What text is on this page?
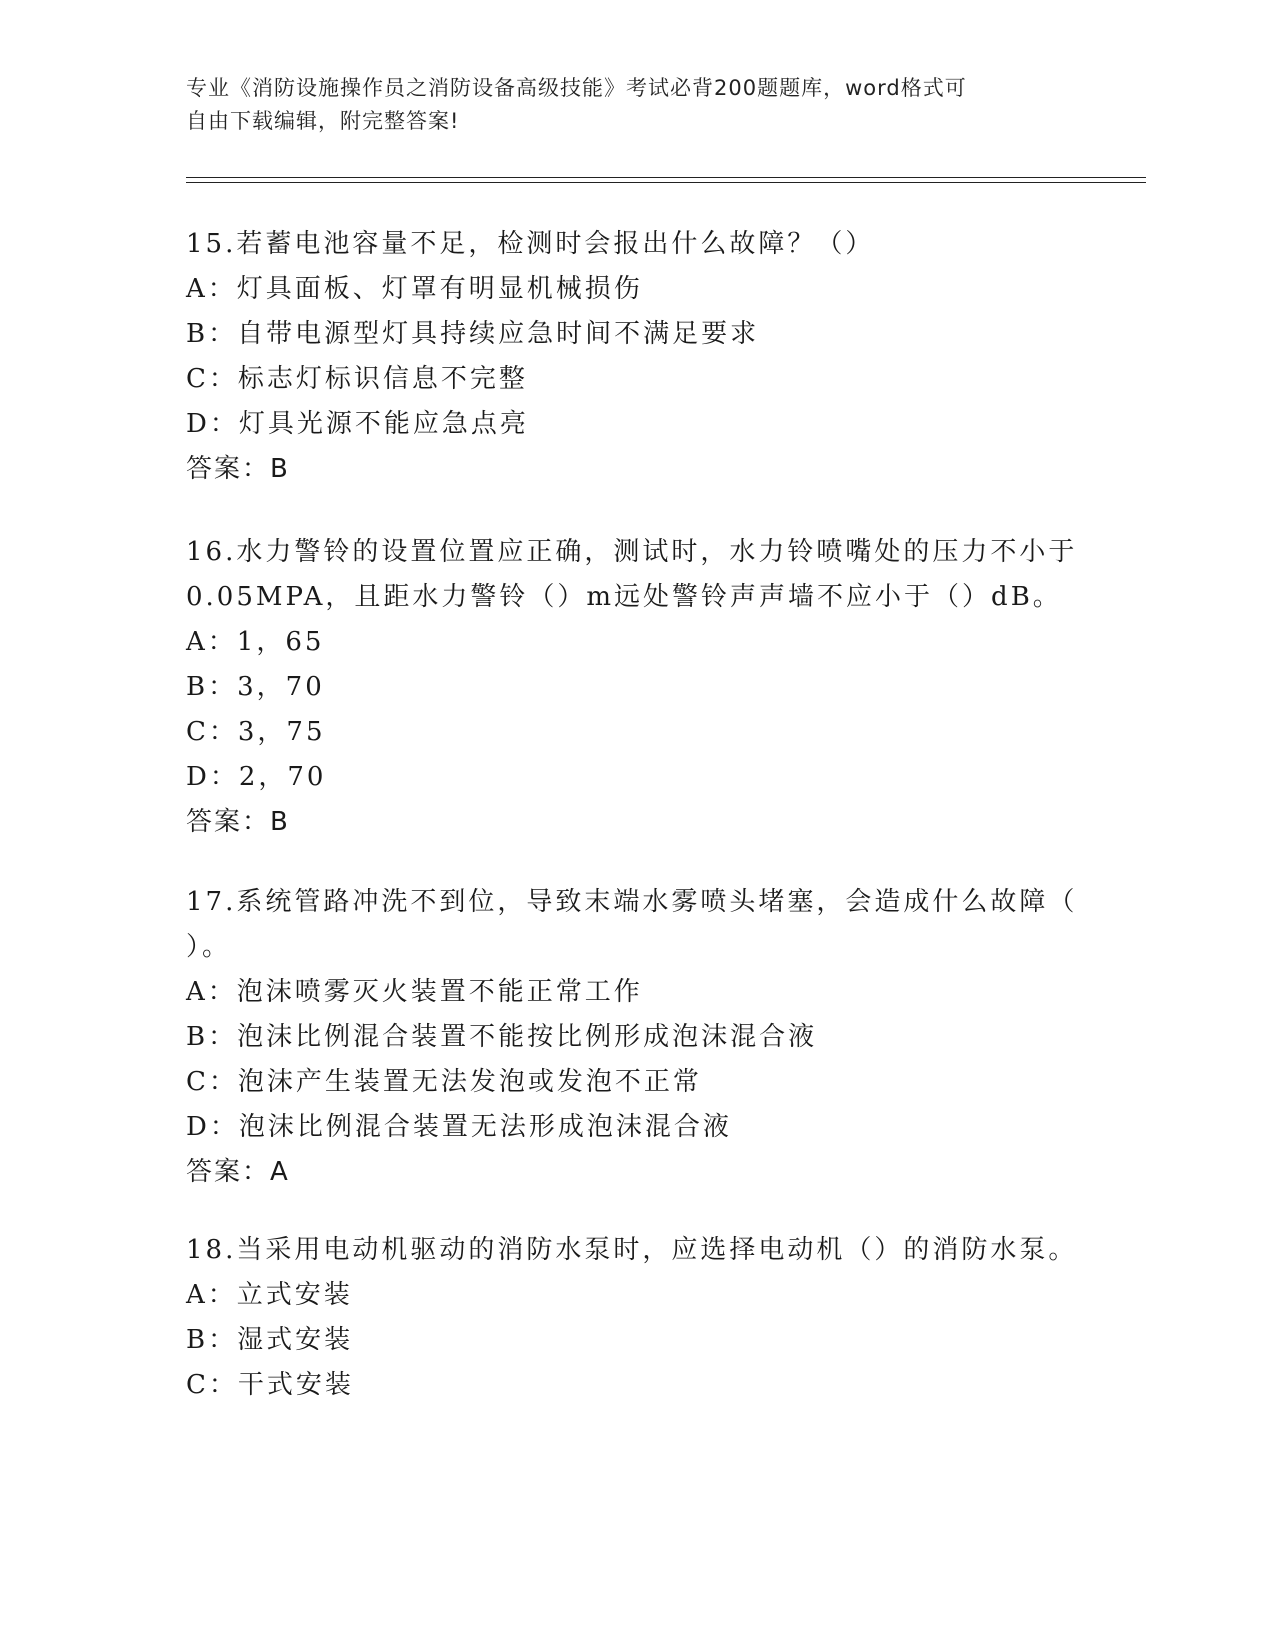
专业《消防设施操作员之消防设备高级技能》考试必背200题题库，word格式可
自由下载编辑，附完整答案!
15.若蓄电池容量不足，检测时会报出什么故障？（）
A：灯具面板、灯罩有明显机械损伤
B：自带电源型灯具持续应急时间不满足要求
C：标志灯标识信息不完整
D：灯具光源不能应急点亮
答案：B
16.水力警铃的设置位置应正确，测试时，水力铃喷嘴处的压力不小于
0.05MPA，且距水力警铃（）m远处警铃声声墙不应小于（）dB。
A：1，65
B：3，70
C：3，75
D：2，70
答案：B
17.系统管路冲洗不到位，导致末端水雾喷头堵塞，会造成什么故障（
）。
A：泡沫喷雾灭火装置不能正常工作
B：泡沫比例混合装置不能按比例形成泡沫混合液
C：泡沫产生装置无法发泡或发泡不正常
D：泡沫比例混合装置无法形成泡沫混合液
答案：A
18.当采用电动机驱动的消防水泵时，应选择电动机（）的消防水泵。
A：立式安装
B：湿式安装
C：干式安装
